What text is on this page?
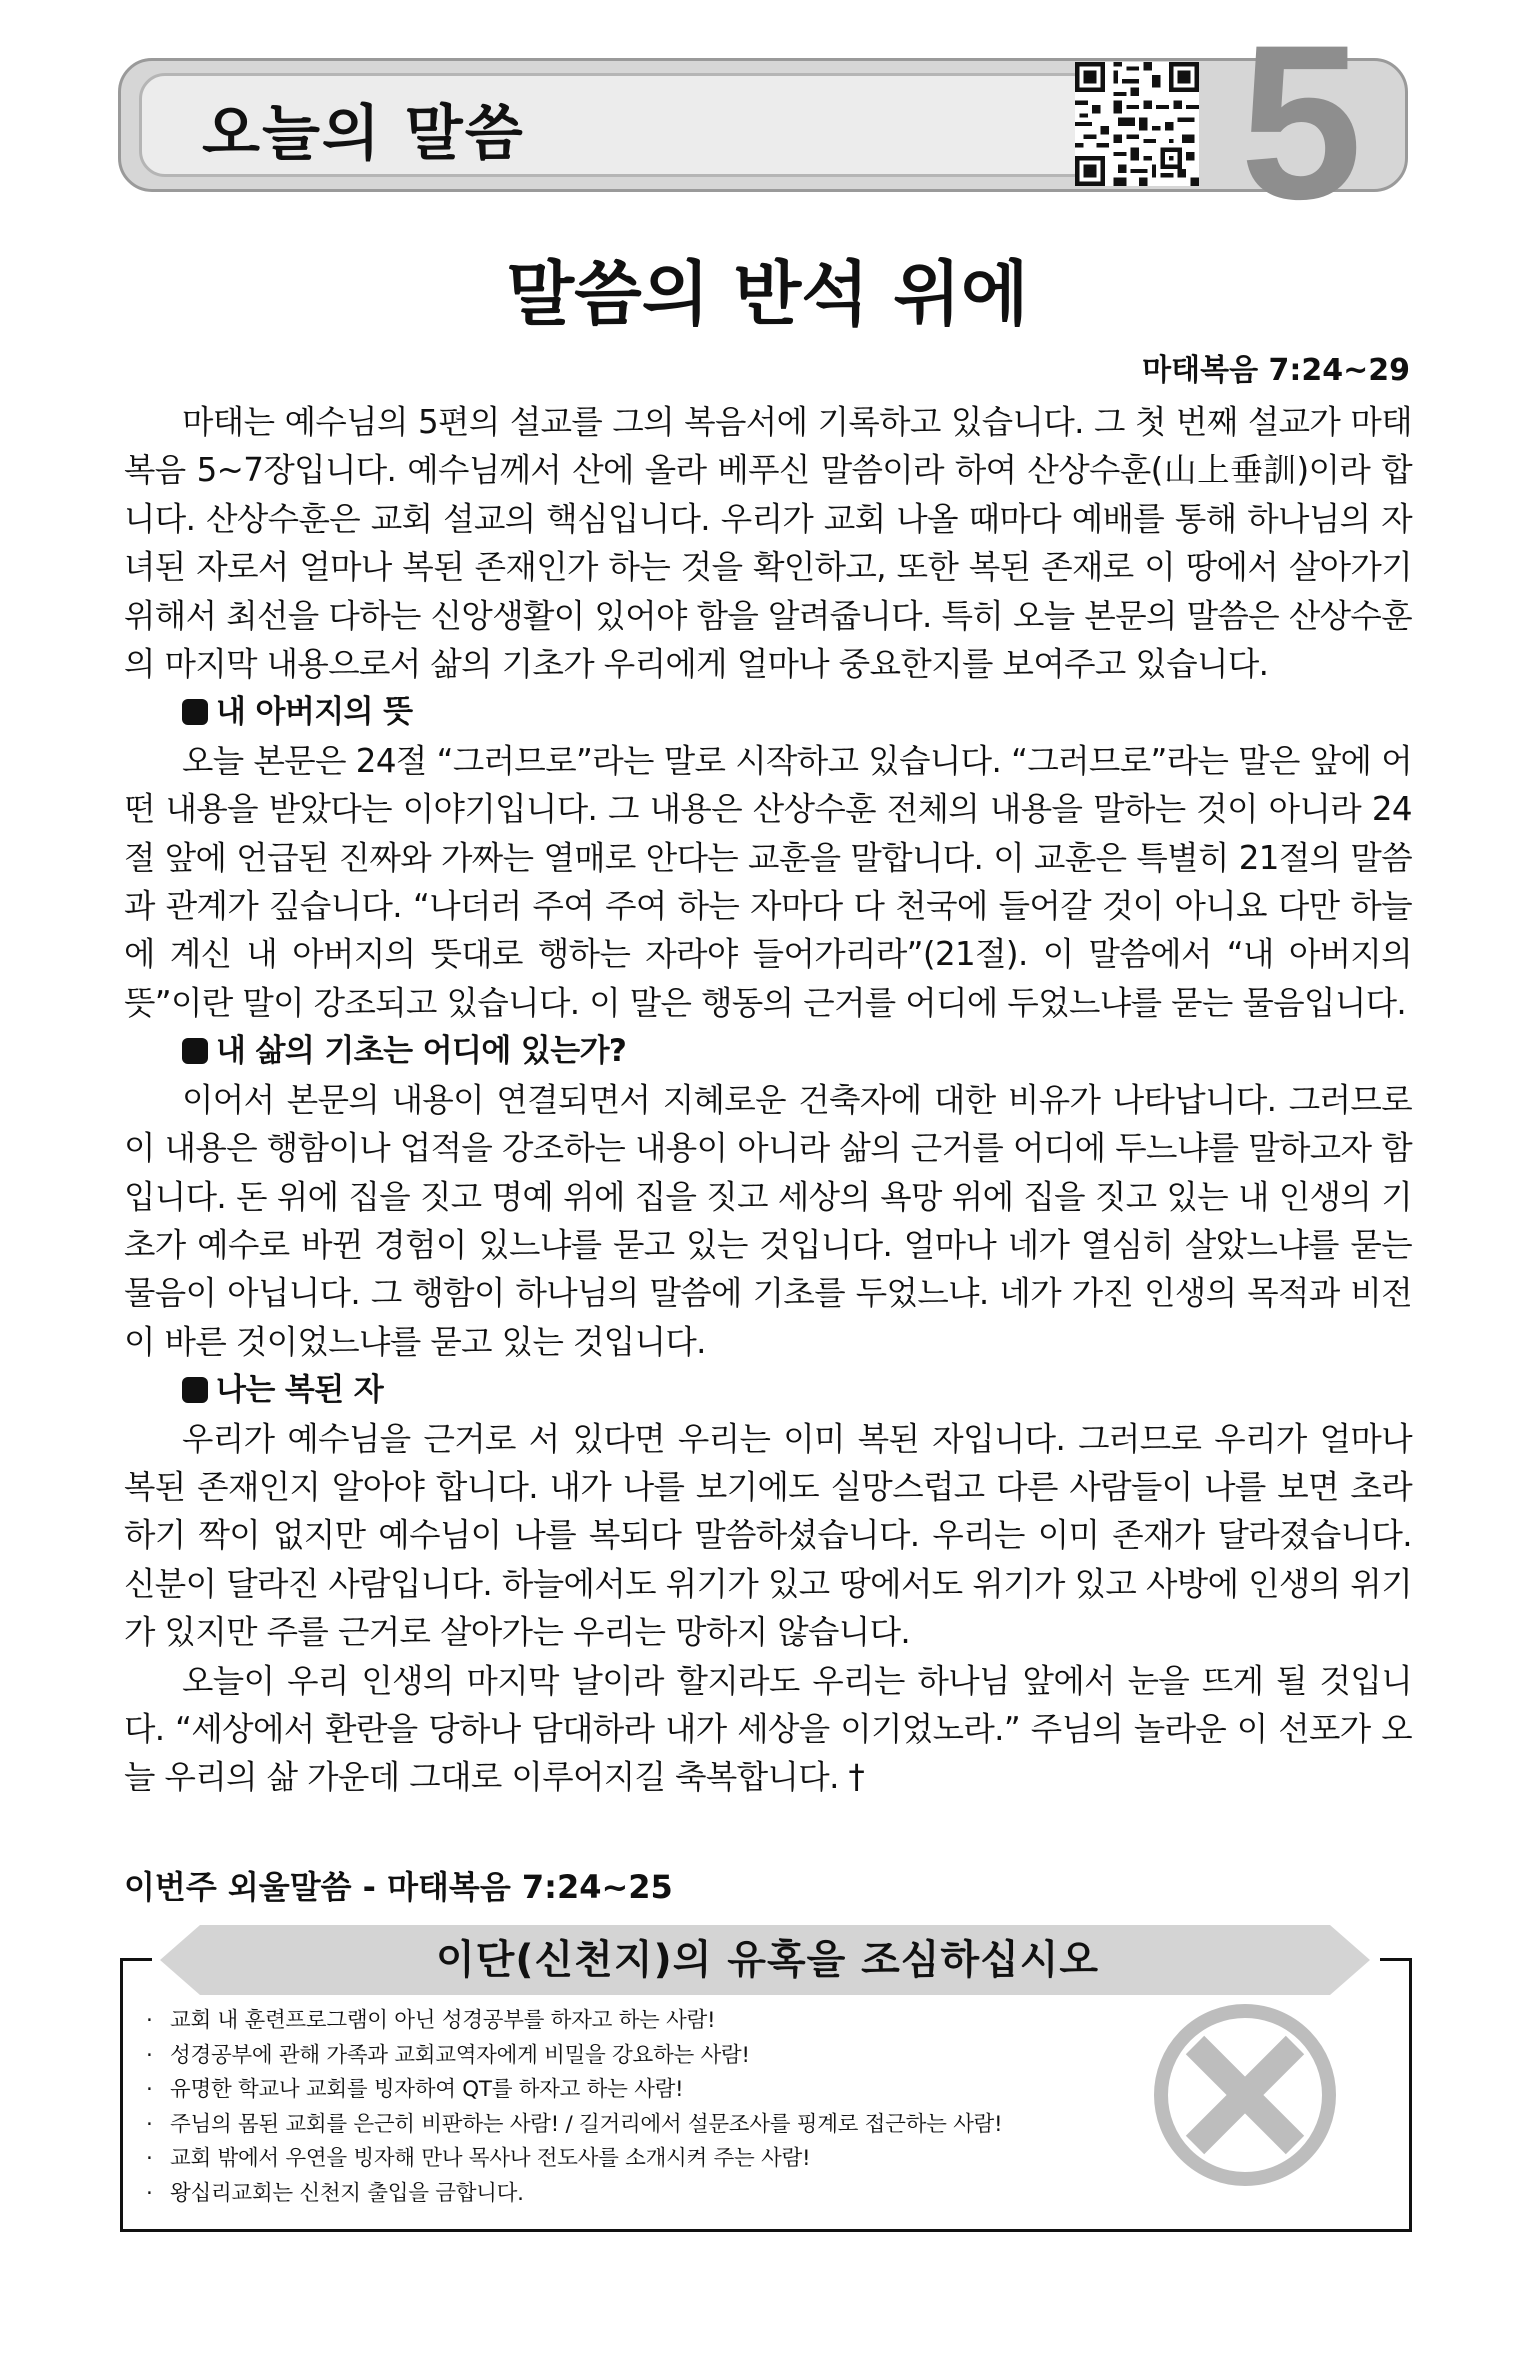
오늘의 말씀	5
말씀의 반석 위에
마태복음 7:24~29

마태는 예수님의 5편의 설교를 그의 복음서에 기록하고 있습니다. 그 첫 번째 설교가 마태복음 5~7장입니다. 예수님께서 산에 올라 베푸신 말씀이라 하여 산상수훈(山上垂訓)이라 합니다. 산상수훈은 교회 설교의 핵심입니다. 우리가 교회 나올 때마다 예배를 통해 하나님의 자녀된 자로서 얼마나 복된 존재인가 하는 것을 확인하고, 또한 복된 존재로 이 땅에서 살아가기 위해서 최선을 다하는 신앙생활이 있어야 함을 알려줍니다. 특히 오늘 본문의 말씀은 산상수훈의 마지막 내용으로서 삶의 기초가 우리에게 얼마나 중요한지를 보여주고 있습니다.

내 아버지의 뜻

오늘 본문은 24절 “그러므로”라는 말로 시작하고 있습니다. “그러므로”라는 말은 앞에 어떤 내용을 받았다는 이야기입니다. 그 내용은 산상수훈 전체의 내용을 말하는 것이 아니라 24절 앞에 언급된 진짜와 가짜는 열매로 안다는 교훈을 말합니다. 이 교훈은 특별히 21절의 말씀과 관계가 깊습니다. “나더러 주여 주여 하는 자마다 다 천국에 들어갈 것이 아니요 다만 하늘에 계신 내 아버지의 뜻대로 행하는 자라야 들어가리라”(21절). 이 말씀에서 “내 아버지의 뜻”이란 말이 강조되고 있습니다. 이 말은 행동의 근거를 어디에 두었느냐를 묻는 물음입니다.

내 삶의 기초는 어디에 있는가?

이어서 본문의 내용이 연결되면서 지혜로운 건축자에 대한 비유가 나타납니다. 그러므로 이 내용은 행함이나 업적을 강조하는 내용이 아니라 삶의 근거를 어디에 두느냐를 말하고자 함입니다. 돈 위에 집을 짓고 명예 위에 집을 짓고 세상의 욕망 위에 집을 짓고 있는 내 인생의 기초가 예수로 바뀐 경험이 있느냐를 묻고 있는 것입니다. 얼마나 네가 열심히 살았느냐를 묻는 물음이 아닙니다. 그 행함이 하나님의 말씀에 기초를 두었느냐. 네가 가진 인생의 목적과 비전이 바른 것이었느냐를 묻고 있는 것입니다.

나는 복된 자

우리가 예수님을 근거로 서 있다면 우리는 이미 복된 자입니다. 그러므로 우리가 얼마나 복된 존재인지 알아야 합니다. 내가 나를 보기에도 실망스럽고 다른 사람들이 나를 보면 초라하기 짝이 없지만 예수님이 나를 복되다 말씀하셨습니다. 우리는 이미 존재가 달라졌습니다. 신분이 달라진 사람입니다. 하늘에서도 위기가 있고 땅에서도 위기가 있고 사방에 인생의 위기가 있지만 주를 근거로 살아가는 우리는 망하지 않습니다.

오늘이 우리 인생의 마지막 날이라 할지라도 우리는 하나님 앞에서 눈을 뜨게 될 것입니다. “세상에서 환란을 당하나 담대하라 내가 세상을 이기었노라.” 주님의 놀라운 이 선포가 오늘 우리의 삶 가운데 그대로 이루어지길 축복합니다. †

이번주 외울말씀 - 마태복음 7:24~25
이단(신천지)의 유혹을 조심하십시오
· 교회 내 훈련프로그램이 아닌 성경공부를 하자고 하는 사람!
· 성경공부에 관해 가족과 교회교역자에게 비밀을 강요하는 사람!
· 유명한 학교나 교회를 빙자하여 QT를 하자고 하는 사람!
· 주님의 몸된 교회를 은근히 비판하는 사람! / 길거리에서 설문조사를 핑계로 접근하는 사람!
· 교회 밖에서 우연을 빙자해 만나 목사나 전도사를 소개시켜 주는 사람!
· 왕십리교회는 신천지 출입을 금합니다.
